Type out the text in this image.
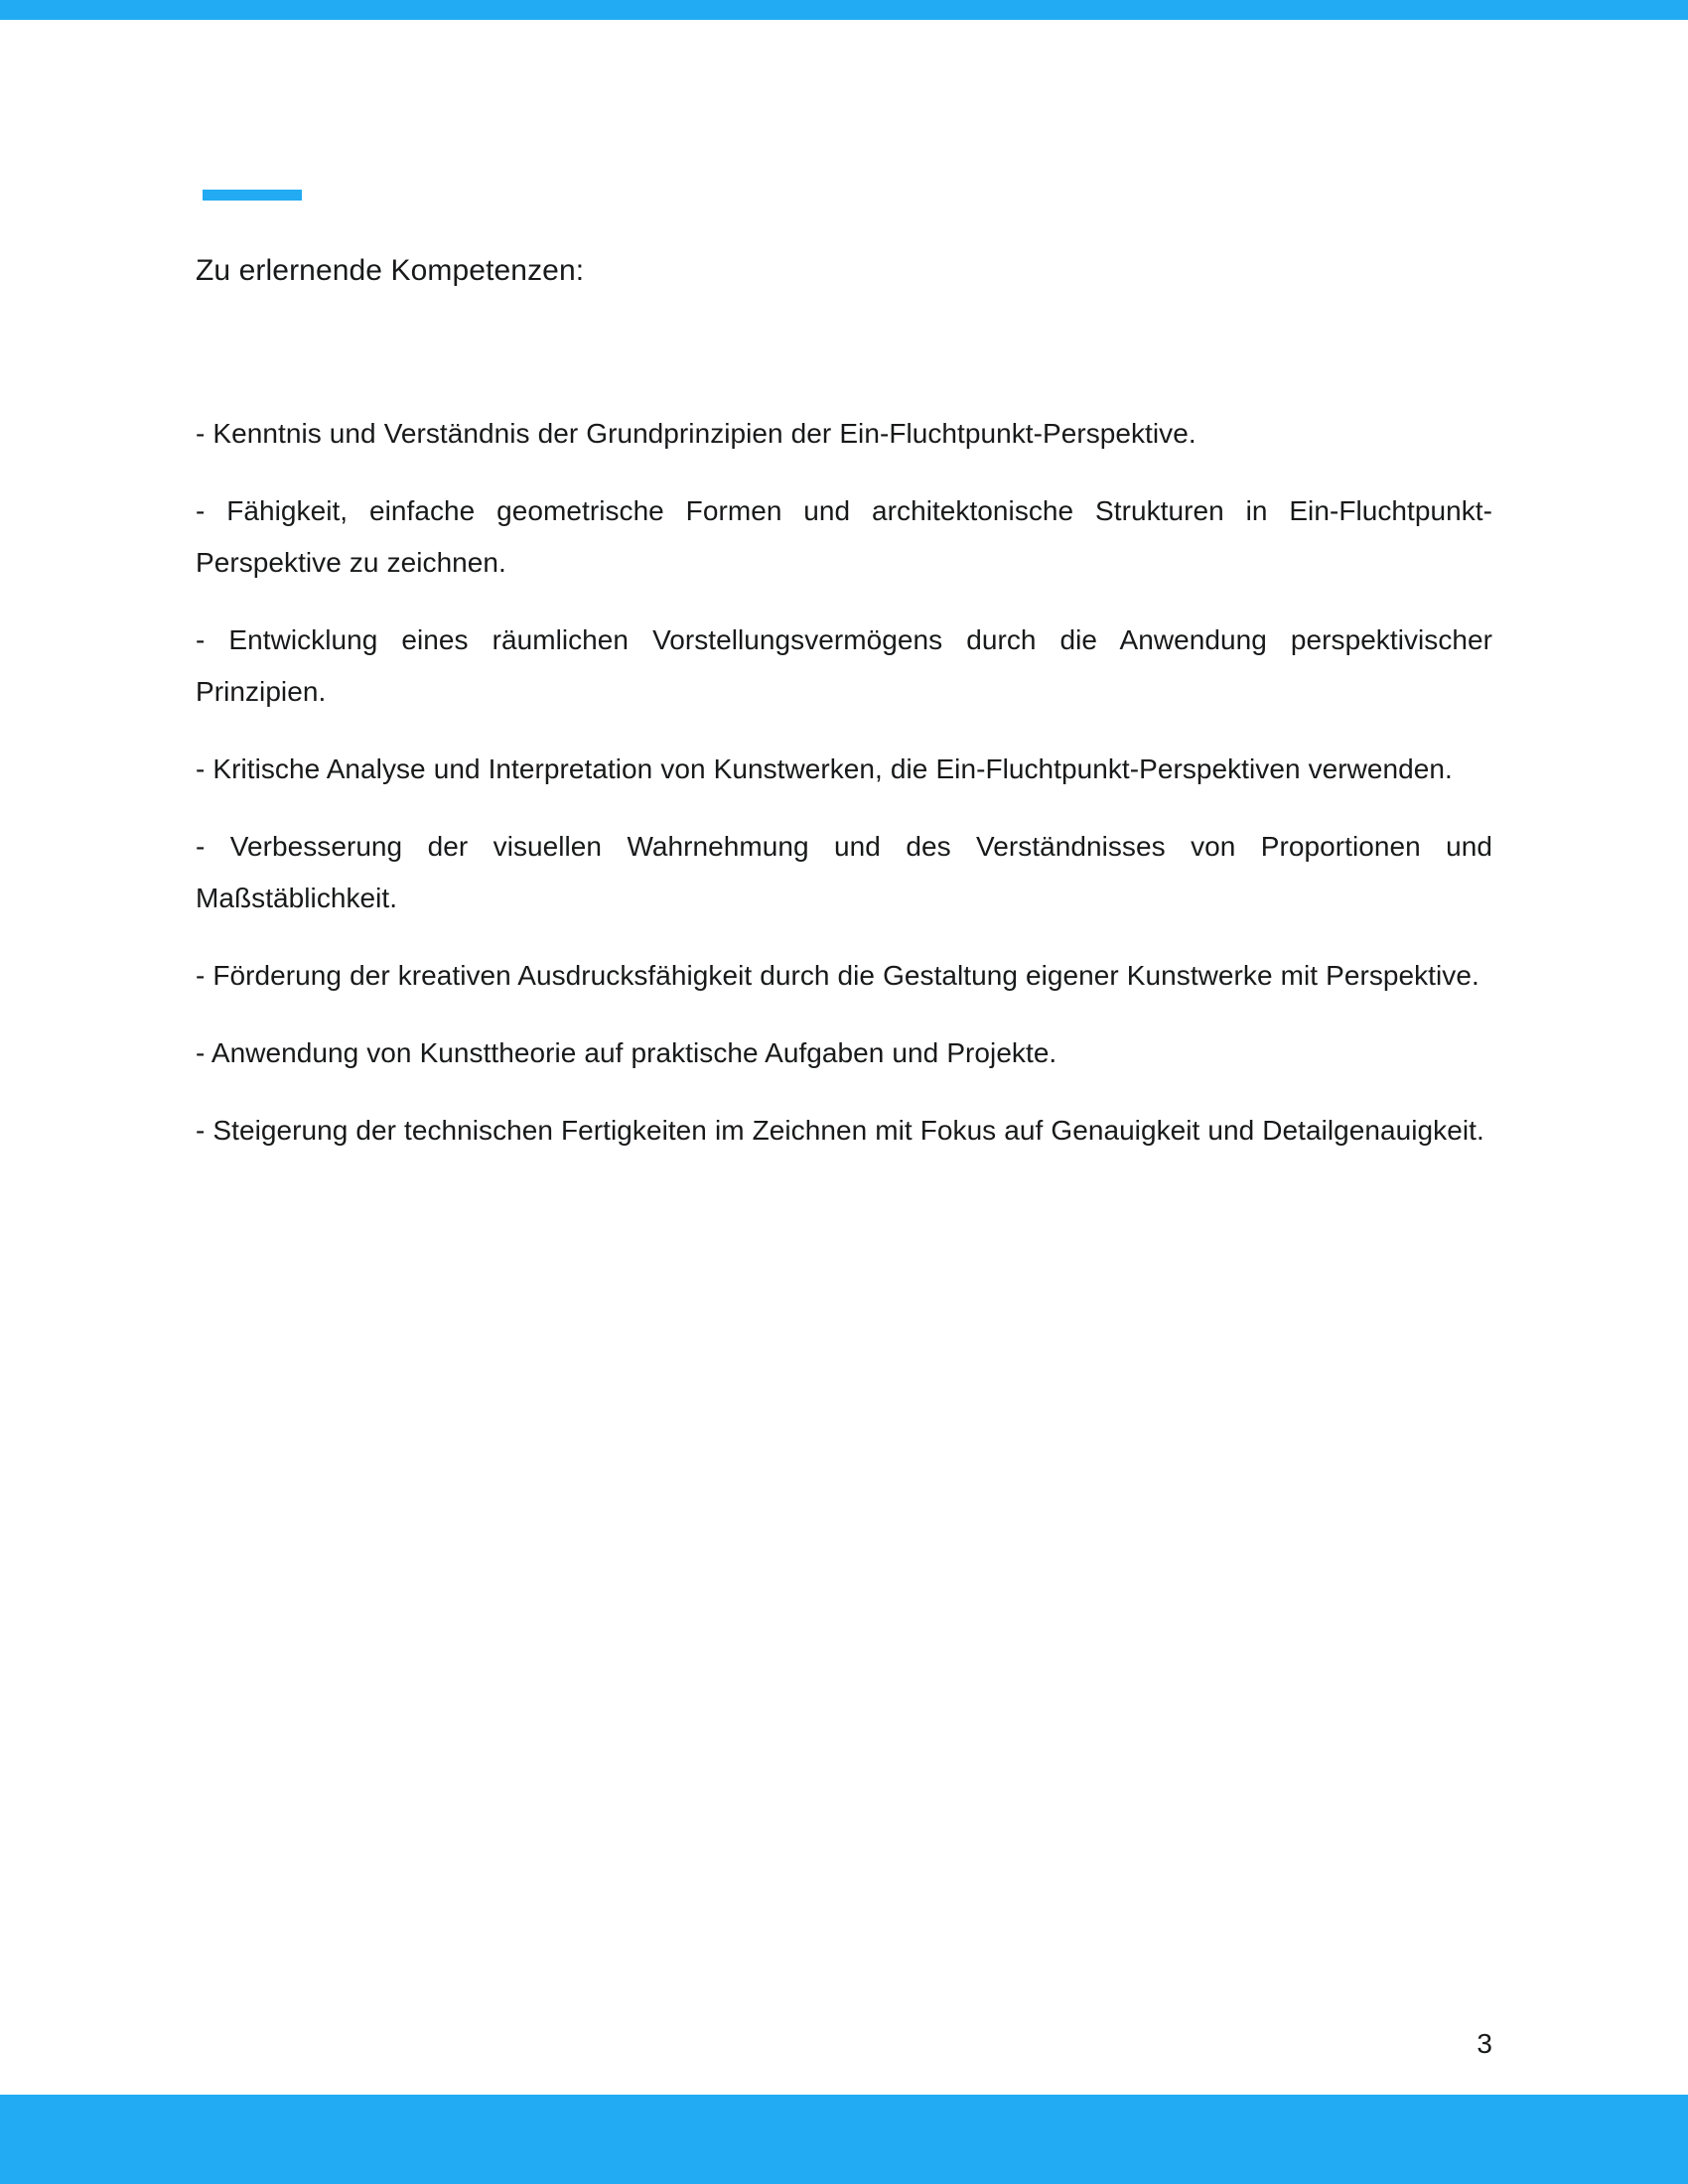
Zu erlernende Kompetenzen:

- Kenntnis und Verständnis der Grundprinzipien der Ein-Fluchtpunkt-Perspektive.

- Fähigkeit, einfache geometrische Formen und architektonische Strukturen in Ein-Fluchtpunkt-Perspektive zu zeichnen.

- Entwicklung eines räumlichen Vorstellungsvermögens durch die Anwendung perspektivischer Prinzipien.

- Kritische Analyse und Interpretation von Kunstwerken, die Ein-Fluchtpunkt-Perspektiven verwenden.

- Verbesserung der visuellen Wahrnehmung und des Verständnisses von Proportionen und Maßstäblichkeit.

- Förderung der kreativen Ausdrucksfähigkeit durch die Gestaltung eigener Kunstwerke mit Perspektive.

- Anwendung von Kunsttheorie auf praktische Aufgaben und Projekte.

- Steigerung der technischen Fertigkeiten im Zeichnen mit Fokus auf Genauigkeit und Detailgenauigkeit.

3
